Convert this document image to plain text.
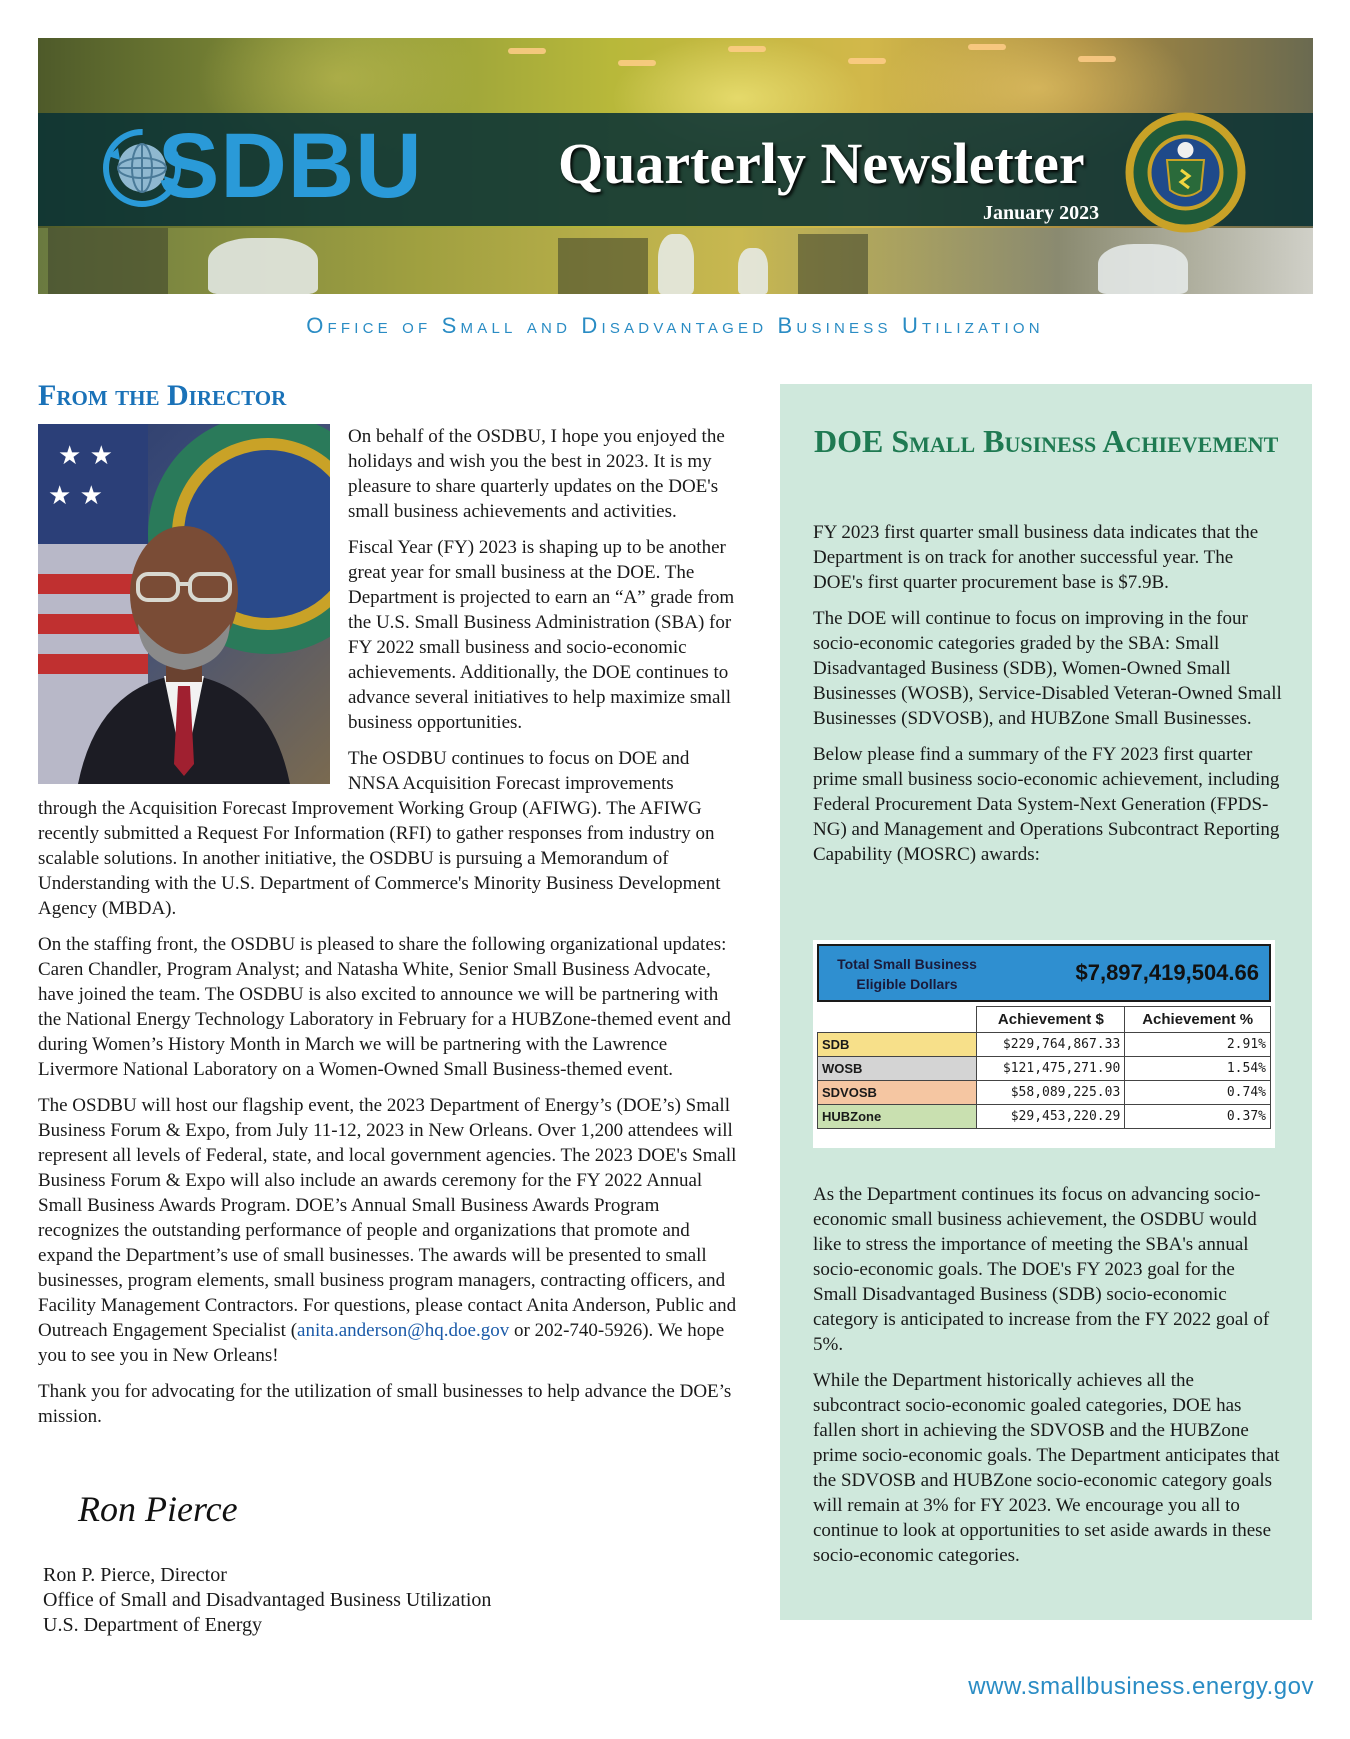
SDBU Quarterly Newsletter
January 2023
Office of Small and Disadvantaged Business Utilization
From the Director
★ ★
★ ★

On behalf of the OSDBU, I hope you enjoyed the holidays and wish you the best in 2023. It is my pleasure to share quarterly updates on the DOE's small business achievements and activities.

Fiscal Year (FY) 2023 is shaping up to be another great year for small business at the DOE. The Department is projected to earn an “A” grade from the U.S. Small Business Administration (SBA) for FY 2022 small business and socio-economic achievements. Additionally, the DOE continues to advance several initiatives to help maximize small business opportunities.

The OSDBU continues to focus on DOE and NNSA Acquisition Forecast improvements

through the Acquisition Forecast Improvement Working Group (AFIWG). The AFIWG recently submitted a Request For Information (RFI) to gather responses from industry on scalable solutions. In another initiative, the OSDBU is pursuing a Memorandum of Understanding with the U.S. Department of Commerce's Minority Business Development Agency (MBDA).

On the staffing front, the OSDBU is pleased to share the following organizational updates: Caren Chandler, Program Analyst; and Natasha White, Senior Small Business Advocate, have joined the team. The OSDBU is also excited to announce we will be partnering with the National Energy Technology Laboratory in February for a HUBZone-themed event and during Women’s History Month in March we will be partnering with the Lawrence Livermore National Laboratory on a Women-Owned Small Business-themed event.

The OSDBU will host our flagship event, the 2023 Department of Energy’s (DOE’s) Small Business Forum & Expo, from July 11-12, 2023 in New Orleans. Over 1,200 attendees will represent all levels of Federal, state, and local government agencies. The 2023 DOE's Small Business Forum & Expo will also include an awards ceremony for the FY 2022 Annual Small Business Awards Program. DOE’s Annual Small Business Awards Program recognizes the outstanding performance of people and organizations that promote and expand the Department’s use of small businesses. The awards will be presented to small businesses, program elements, small business program managers, contracting officers, and Facility Management Contractors. For questions, please contact Anita Anderson, Public and Outreach Engagement Specialist (anita.anderson@hq.doe.gov or 202-740-5926). We hope you to see you in New Orleans!

Thank you for advocating for the utilization of small businesses to help advance the DOE’s mission.

Ron Pierce
Ron P. Pierce, Director
Office of Small and Disadvantaged Business Utilization
U.S. Department of Energy
DOE Small Business Achievement

FY 2023 first quarter small business data indicates that the Department is on track for another successful year. The DOE's first quarter procurement base is $7.9B.

The DOE will continue to focus on improving in the four socio-economic categories graded by the SBA: Small Disadvantaged Business (SDB), Women-Owned Small Businesses (WOSB), Service-Disabled Veteran-Owned Small Businesses (SDVOSB), and HUBZone Small Businesses.

Below please find a summary of the FY 2023 first quarter prime small business socio-economic achievement, including Federal Procurement Data System-Next Generation (FPDS-NG) and Management and Operations Subcontract Reporting Capability (MOSRC) awards:

Total Small Business Eligible Dollars	$7,897,419,504.66
	Achievement $	Achievement %
SDB	$229,764,867.33	2.91%
WOSB	$121,475,271.90	1.54%
SDVOSB	$58,089,225.03	0.74%
HUBZone	$29,453,220.29	0.37%

As the Department continues its focus on advancing socio-economic small business achievement, the OSDBU would like to stress the importance of meeting the SBA's annual socio-economic goals. The DOE's FY 2023 goal for the Small Disadvantaged Business (SDB) socio-economic category is anticipated to increase from the FY 2022 goal of 5%.

While the Department historically achieves all the subcontract socio-economic goaled categories, DOE has fallen short in achieving the SDVOSB and the HUBZone prime socio-economic goals. The Department anticipates that the SDVOSB and HUBZone socio-economic category goals will remain at 3% for FY 2023. We encourage you all to continue to look at opportunities to set aside awards in these socio-economic categories.

www.smallbusiness.energy.gov
